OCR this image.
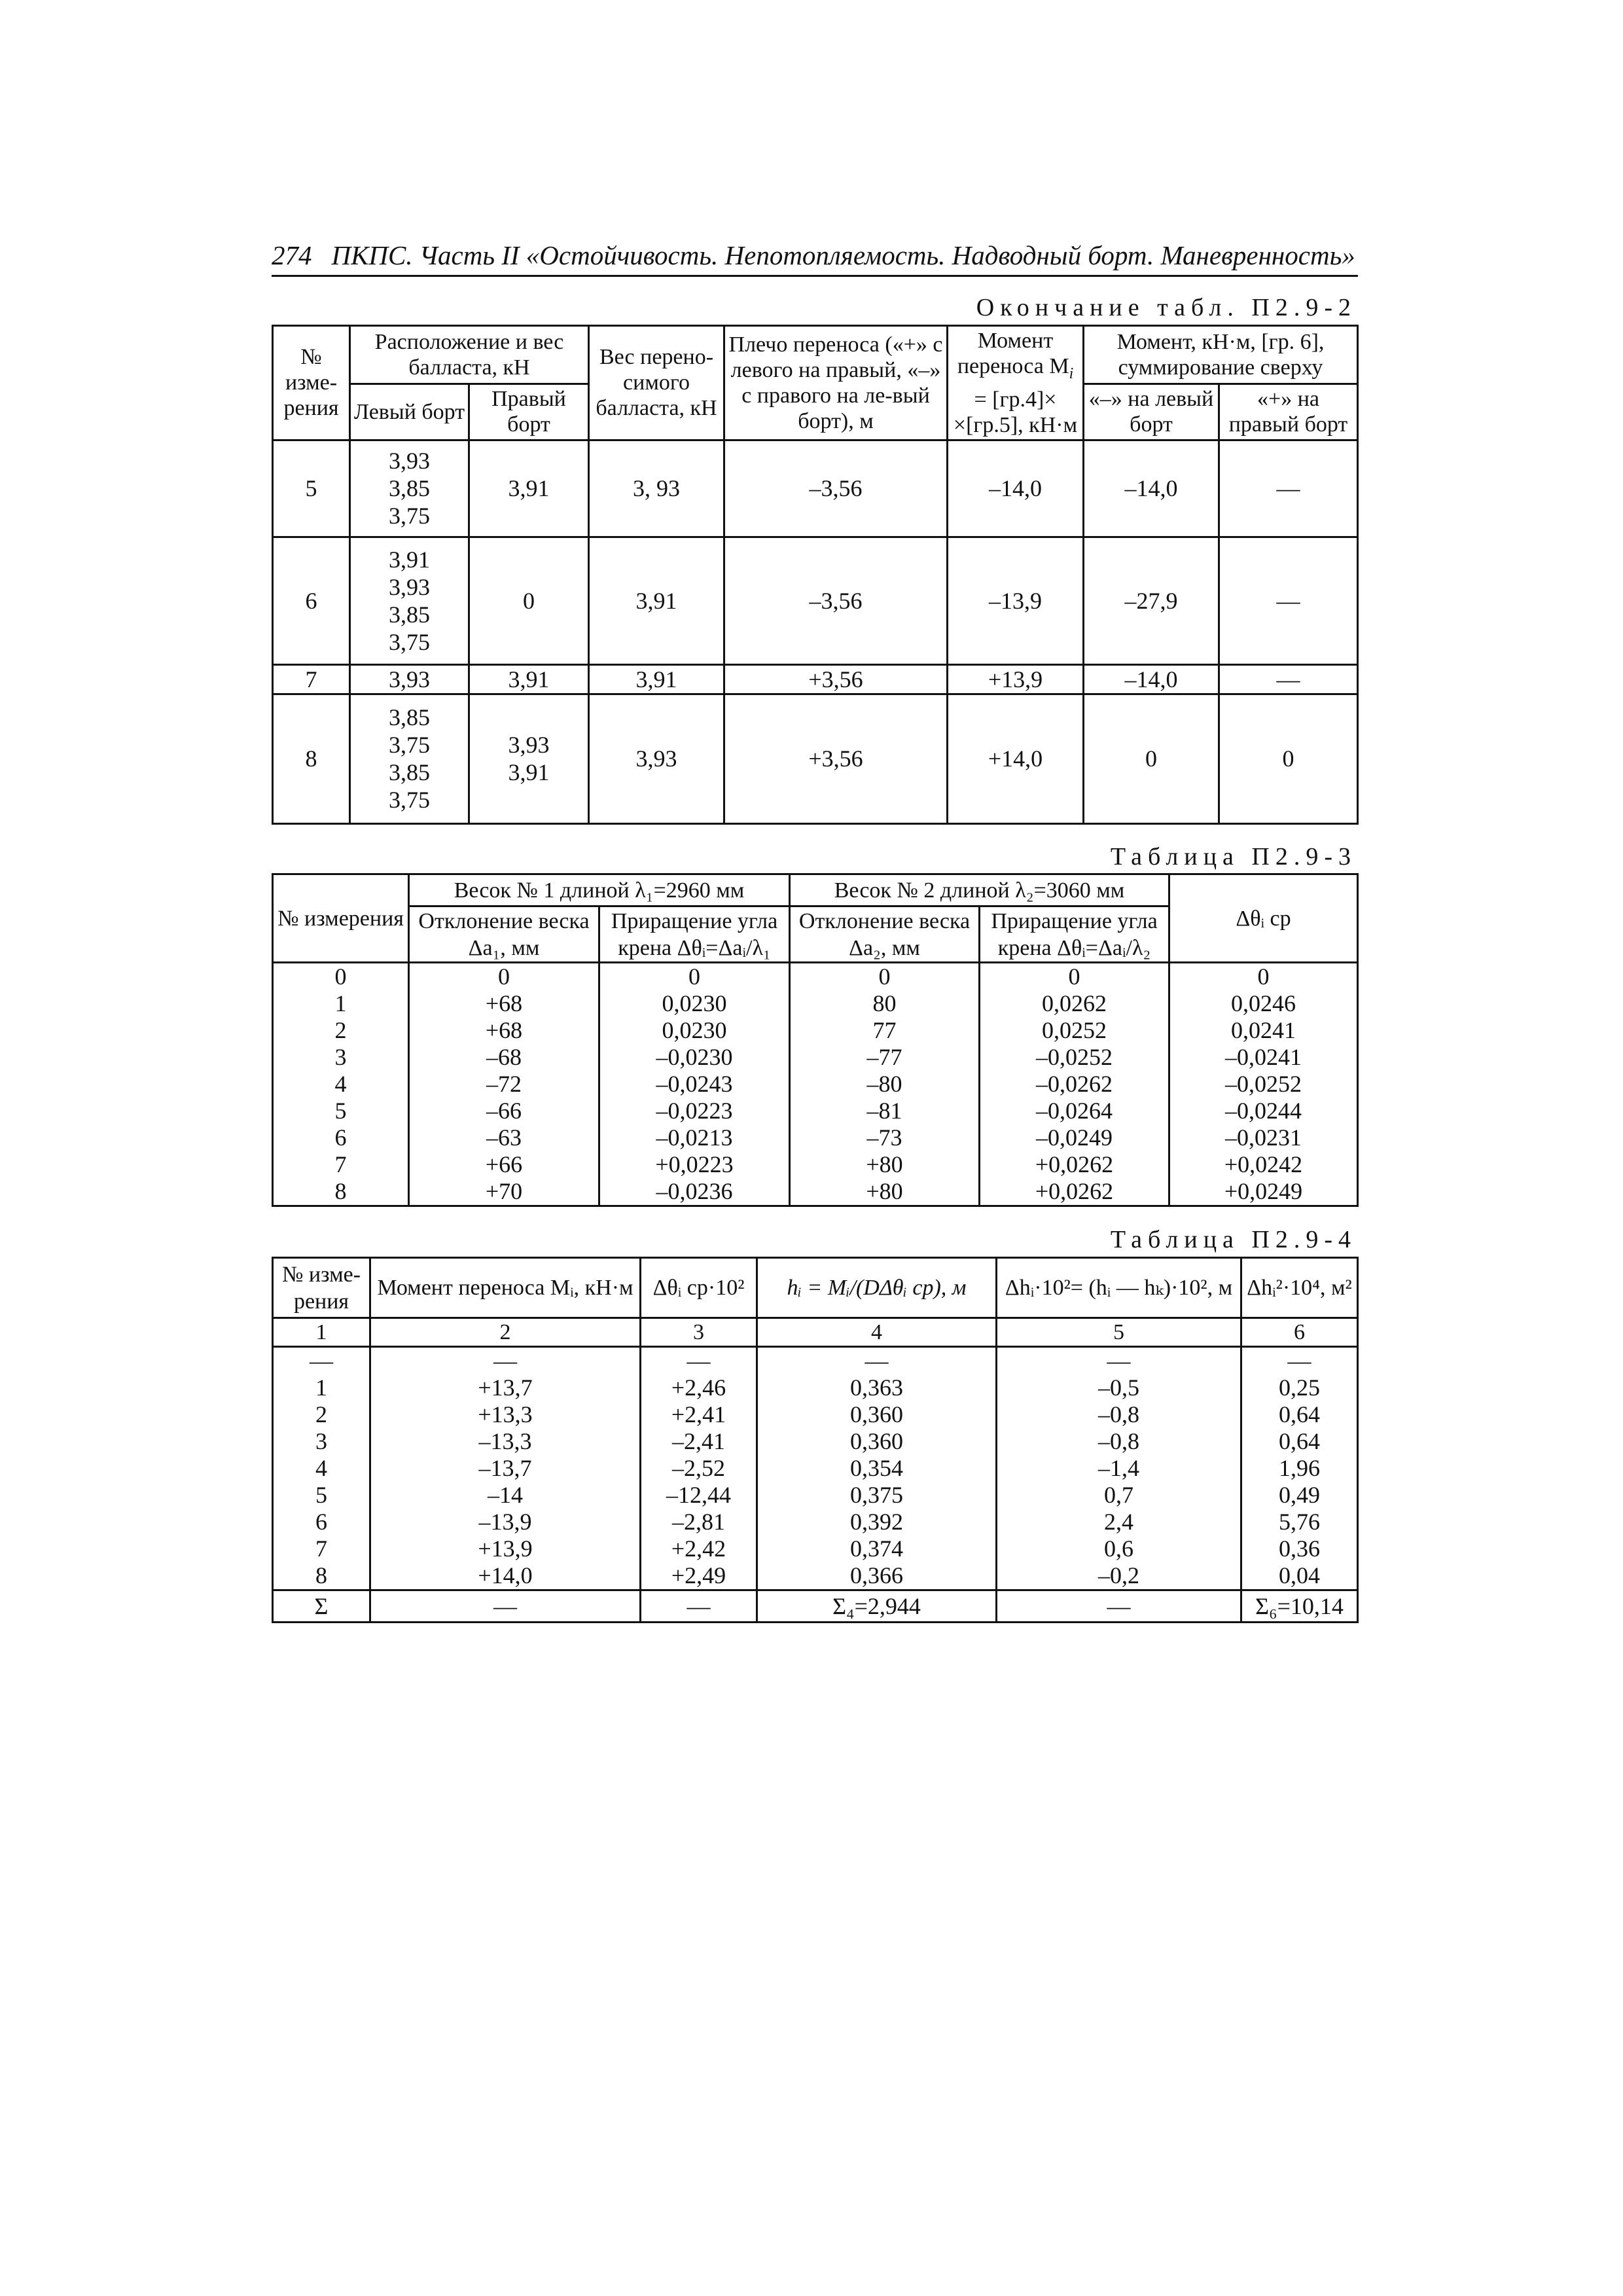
274 ПКПС. Часть II «Остойчивость. Непотопляемость. Надводный борт. Маневренность»
Окончание табл. П2.9-2
№ изме-рения	Расположение и вес балласта, кН		Вес перено-симого балласта, кН	Плечо переноса («+» с левого на правый, «–» с правого на ле-вый борт), м	Момент переноса $M_i = [гр.4]\times \times[гр.5]$, кН·м	Момент, кН·м, [гр. 6], суммирование сверху	
	Левый борт	Правый борт				«–» на левый борт	«+» на правый борт
5	3,93
3,85
3,75	3,91	3, 93	–3,56	–14,0	–14,0	—
6	3,91
3,93
3,85
3,75	0	3,91	–3,56	–13,9	–27,9	—
7	3,93	3,91	3,91	+3,56	+13,9	–14,0	—
8	3,85
3,75
3,85
3,75	3,93
3,91	3,93	+3,56	+14,0	0	0
Таблица П2.9-3
№ измерения	Весок № 1 длиной λ₁=2960 мм		Весок № 2 длиной λ₂=3060 мм		Δθᵢ ср

	Отклонение веска
Δa₁, мм	Приращение угла
крена Δθᵢ=Δaᵢ/λ₁	Отклонение веска
Δa₂, мм	Приращение угла
крена Δθᵢ=Δaᵢ/λ₂	

0	0	0	0	0	0
1	+68	0,0230	80	0,0262	0,0246
2	+68	0,0230	77	0,0252	0,0241
3	–68	–0,0230	–77	–0,0252	–0,0241
4	–72	–0,0243	–80	–0,0262	–0,0252
5	–66	–0,0223	–81	–0,0264	–0,0244
6	–63	–0,0213	–73	–0,0249	–0,0231
7	+66	+0,0223	+80	+0,0262	+0,0242
8	+70	–0,0236	+80	+0,0262	+0,0249
Таблица П2.9-4
№ изме-рения	Момент переноса Mᵢ, кН·м	Δθᵢ ср·10²	hᵢ = Mᵢ/(DΔθᵢ ср), м	Δhᵢ·10²= (hᵢ — hₖ)·10², м	Δhᵢ²·10⁴, м²
1	2	3	4	5	6
—	—	—	—	—	—
1	+13,7	+2,46	0,363	–0,5	0,25
2	+13,3	+2,41	0,360	–0,8	0,64
3	–13,3	–2,41	0,360	–0,8	0,64
4	–13,7	–2,52	0,354	–1,4	1,96
5	–14	–12,44	0,375	0,7	0,49
6	–13,9	–2,81	0,392	2,4	5,76
7	+13,9	+2,42	0,374	0,6	0,36
8	+14,0	+2,49	0,366	–0,2	0,04
Σ	—	—	Σ₄=2,944	—	Σ₆=10,14
